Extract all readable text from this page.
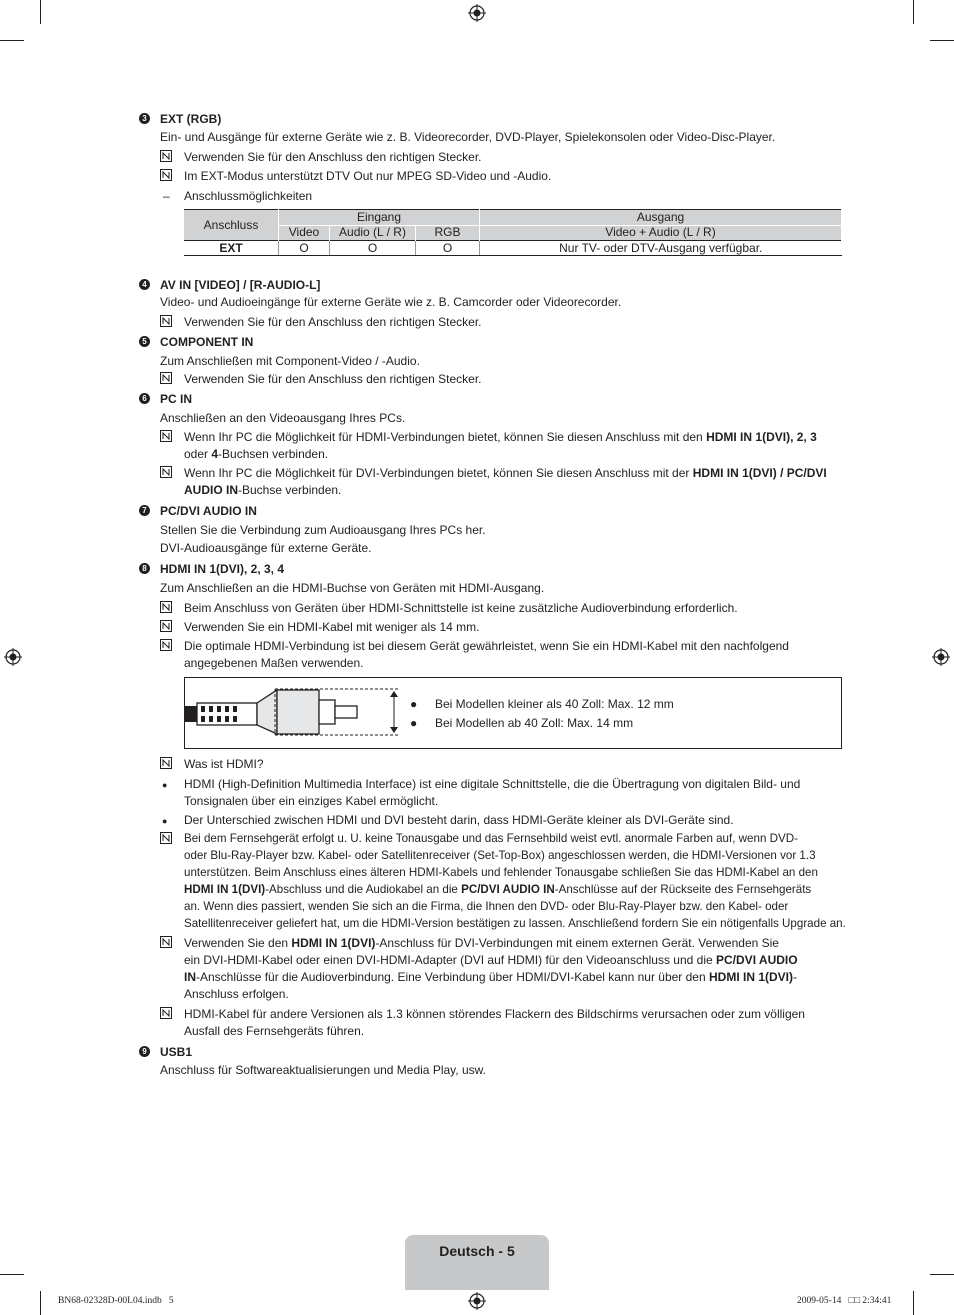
3 EXT (RGB)
Ein- und Ausgänge für externe Geräte wie z. B. Videorecorder, DVD-Player, Spielekonsolen oder Video-Disc-Player.
Verwenden Sie für den Anschluss den richtigen Stecker.
Im EXT-Modus unterstützt DTV Out nur MPEG SD-Video und -Audio.
– Anschlussmöglichkeiten
Anschluss	Eingang			Ausgang
	Video	Audio (L / R)	RGB	Video + Audio (L / R)
EXT	O	O	O	Nur TV- oder DTV-Ausgang verfügbar.
4 AV IN [VIDEO] / [R-AUDIO-L]
Video- und Audioeingänge für externe Geräte wie z. B. Camcorder oder Videorecorder.
Verwenden Sie für den Anschluss den richtigen Stecker.
5 COMPONENT IN
Zum Anschließen mit Component-Video / -Audio.
Verwenden Sie für den Anschluss den richtigen Stecker.
6 PC IN
Anschließen an den Videoausgang Ihres PCs.
Wenn Ihr PC die Möglichkeit für HDMI-Verbindungen bietet, können Sie diesen Anschluss mit den HDMI IN 1(DVI), 2, 3
oder 4-Buchsen verbinden.
Wenn Ihr PC die Möglichkeit für DVI-Verbindungen bietet, können Sie diesen Anschluss mit der HDMI IN 1(DVI) / PC/DVI
AUDIO IN-Buchse verbinden.
7 PC/DVI AUDIO IN
Stellen Sie die Verbindung zum Audioausgang Ihres PCs her.
DVI-Audioausgänge für externe Geräte.
8 HDMI IN 1(DVI), 2, 3, 4
Zum Anschließen an die HDMI-Buchse von Geräten mit HDMI-Ausgang.
Beim Anschluss von Geräten über HDMI-Schnittstelle ist keine zusätzliche Audioverbindung erforderlich.
Verwenden Sie ein HDMI-Kabel mit weniger als 14 mm.
Die optimale HDMI-Verbindung ist bei diesem Gerät gewährleistet, wenn Sie ein HDMI-Kabel mit den nachfolgend
angegebenen Maßen verwenden.
● Bei Modellen kleiner als 40 Zoll: Max. 12 mm
● Bei Modellen ab 40 Zoll: Max. 14 mm
Was ist HDMI?
● HDMI (High-Definition Multimedia Interface) ist eine digitale Schnittstelle, die die Übertragung von digitalen Bild- und
Tonsignalen über ein einziges Kabel ermöglicht.
● Der Unterschied zwischen HDMI und DVI besteht darin, dass HDMI-Geräte kleiner als DVI-Geräte sind.
Bei dem Fernsehgerät erfolgt u. U. keine Tonausgabe und das Fernsehbild weist evtl. anormale Farben auf, wenn DVD-
oder Blu-Ray-Player bzw. Kabel- oder Satellitenreceiver (Set-Top-Box) angeschlossen werden, die HDMI-Versionen vor 1.3
unterstützen. Beim Anschluss eines älteren HDMI-Kabels und fehlender Tonausgabe schließen Sie das HDMI-Kabel an den
HDMI IN 1(DVI)-Abschluss und die Audiokabel an die PC/DVI AUDIO IN-Anschlüsse auf der Rückseite des Fernsehgeräts
an. Wenn dies passiert, wenden Sie sich an die Firma, die Ihnen den DVD- oder Blu-Ray-Player bzw. den Kabel- oder
Satellitenreceiver geliefert hat, um die HDMI-Version bestätigen zu lassen. Anschließend fordern Sie ein nötigenfalls Upgrade an.
Verwenden Sie den HDMI IN 1(DVI)-Anschluss für DVI-Verbindungen mit einem externen Gerät. Verwenden Sie
ein DVI-HDMI-Kabel oder einen DVI-HDMI-Adapter (DVI auf HDMI) für den Videoanschluss und die PC/DVI AUDIO
IN-Anschlüsse für die Audioverbindung. Eine Verbindung über HDMI/DVI-Kabel kann nur über den HDMI IN 1(DVI)-
Anschluss erfolgen.
HDMI-Kabel für andere Versionen als 1.3 können störendes Flackern des Bildschirms verursachen oder zum völligen
Ausfall des Fernsehgeräts führen.
9 USB1
Anschluss für Softwareaktualisierungen und Media Play, usw.
Deutsch - 5
BN68-02328D-00L04.indb   5	2009-05-14   □□ 2:34:41
